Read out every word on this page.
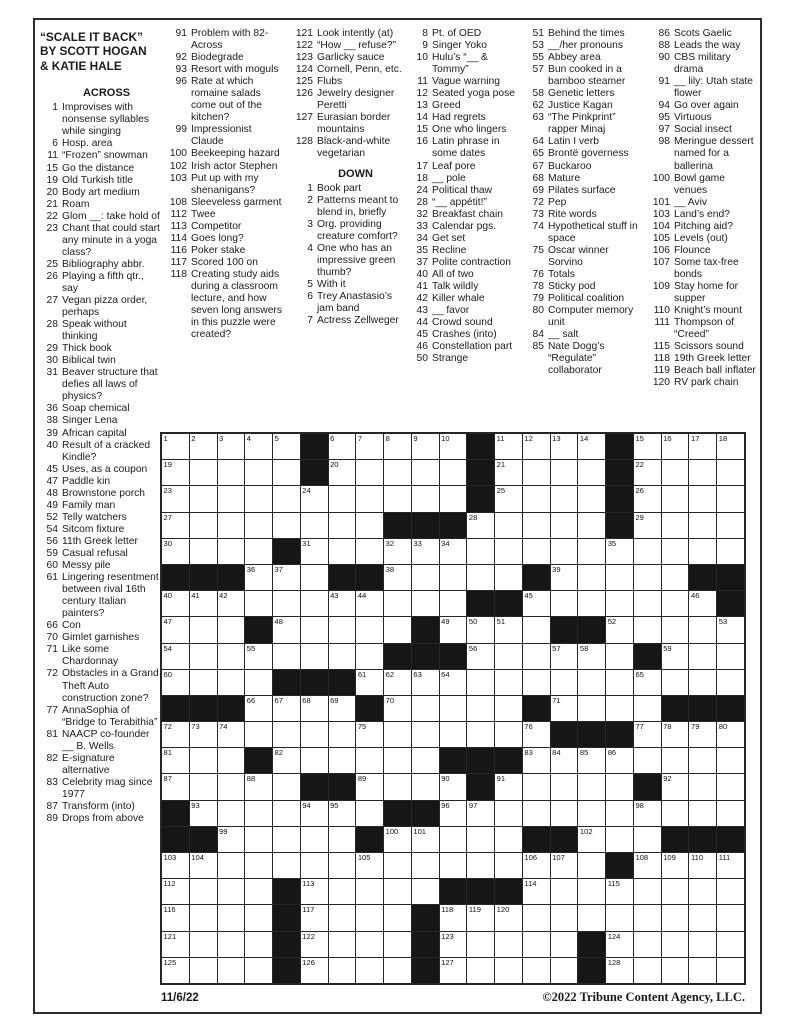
“SCALE IT BACK”
BY SCOTT HOGAN
& KATIE HALE
ACROSS
1 Improvises with nonsense syllables while singing
6 Hosp. area
11 “Frozen” snowman
15 Go the distance
19 Old Turkish title
20 Body art medium
21 Roam
22 Glom __: take hold of
23 Chant that could start any minute in a yoga class?
25 Bibliography abbr.
26 Playing a fifth qtr., say
27 Vegan pizza order, perhaps
28 Speak without thinking
29 Thick book
30 Biblical twin
31 Beaver structure that defies all laws of physics?
36 Soap chemical
38 Singer Lena
39 African capital
40 Result of a cracked Kindle?
45 Uses, as a coupon
47 Paddle kin
48 Brownstone porch
49 Family man
52 Telly watchers
54 Sitcom fixture
56 11th Greek letter
59 Casual refusal
60 Messy pile
61 Lingering resentment between rival 16th century Italian painters?
66 Con
70 Gimlet garnishes
71 Like some Chardonnay
72 Obstacles in a Grand Theft Auto construction zone?
77 AnnaSophia of “Bridge to Terabithia”
81 NAACP co-founder __ B. Wells
82 E-signature alternative
83 Celebrity mag since 1977
87 Transform (into)
89 Drops from above
91 Problem with 82-Across
92 Biodegrade
93 Resort with moguls
96 Rate at which romaine salads come out of the kitchen?
99 Impressionist Claude
100 Beekeeping hazard
102 Irish actor Stephen
103 Put up with my shenanigans?
108 Sleeveless garment
112 Twee
113 Competitor
114 Goes long?
116 Poker stake
117 Scored 100 on
118 Creating study aids during a classroom lecture, and how seven long answers in this puzzle were created?
121 Look intently (at)
122 “How __ refuse?”
123 Garlicky sauce
124 Cornell, Penn, etc.
125 Flubs
126 Jewelry designer Peretti
127 Eurasian border mountains
128 Black-and-white vegetarian
DOWN
1 Book part
2 Patterns meant to blend in, briefly
3 Org. providing creature comfort?
4 One who has an impressive green thumb?
5 With it
6 Trey Anastasio’s jam band
7 Actress Zellweger
8 Pt. of OED
9 Singer Yoko
10 Hulu’s “__ & Tommy”
11 Vague warning
12 Seated yoga pose
13 Greed
14 Had regrets
15 One who lingers
16 Latin phrase in some dates
17 Leaf pore
18 __ pole
24 Political thaw
28 “__ appétit!”
32 Breakfast chain
33 Calendar pgs.
34 Get set
35 Recline
37 Polite contraction
40 All of two
41 Talk wildly
42 Killer whale
43 __ favor
44 Crowd sound
45 Crashes (into)
46 Constellation part
50 Strange
51 Behind the times
53 __/her pronouns
55 Abbey area
57 Bun cooked in a bamboo steamer
58 Genetic letters
62 Justice Kagan
63 “The Pinkprint” rapper Minaj
64 Latin I verb
65 Brontë governess
67 Buckaroo
68 Mature
69 Pilates surface
72 Pep
73 Rite words
74 Hypothetical stuff in space
75 Oscar winner Sorvino
76 Totals
78 Sticky pod
79 Political coalition
80 Computer memory unit
84 __ salt
85 Nate Dogg’s “Regulate” collaborator
86 Scots Gaelic
88 Leads the way
90 CBS military drama
91 __ lily: Utah state flower
94 Go over again
95 Virtuous
97 Social insect
98 Meringue dessert named for a ballerina
100 Bowl game venues
101 __ Aviv
103 Land’s end?
104 Pitching aid?
105 Levels (out)
106 Flounce
107 Some tax-free bonds
109 Stay home for supper
110 Knight’s mount
111 Thompson of “Creed”
115 Scissors sound
118 19th Greek letter
119 Beach ball inflater
120 RV park chain
1	2	3	4	5	6	7	8	9	10	11	12	13	14	15	16	17	18
19	20	21	22
23	24	25	26
27	28	29
30	31	32	33	34	35
36	37	38	39
40	41	42	43	44	45	46
47	48	49	50	51	52	53
54	55	56	57	58	59
60	61	62	63	64	65
66	67	68	69	70	71
72	73	74	75	76	77	78	79	80
81	82	83	84	85	86
87	88	89	90	91	92
93	94	95	96	97	98
99	100 101	102
103 104	105	106 107	108 109 110 111
112	113	114	115
116	117	118 119 120
121	122	123	124
125	126	127	128
11/6/22	©2022 Tribune Content Agency, LLC.
